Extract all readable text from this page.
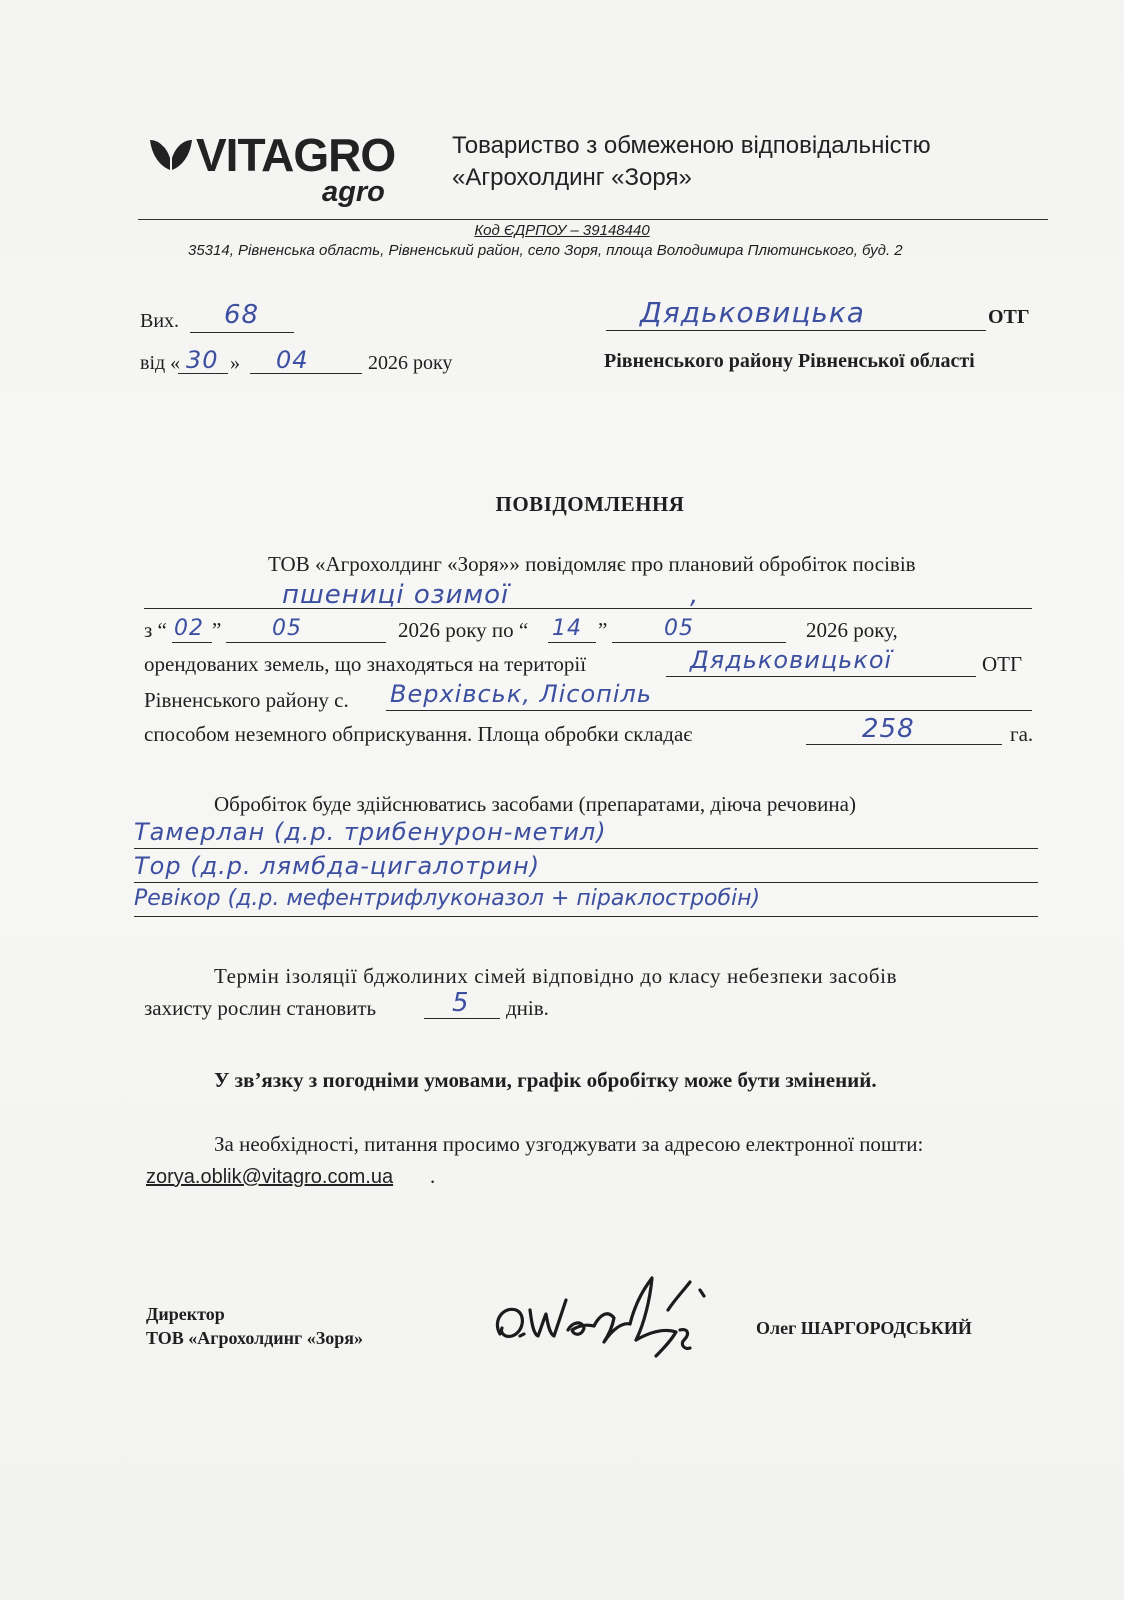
VITAGRO
agro
Товариство з обмеженою відповідальністю
«Агрохолдинг «Зоря»
Код ЄДРПОУ – 39148440
35314, Рівненська область, Рівненський район, село Зоря, площа Володимира Плютинського, буд. 2
Вих. 68
від « 30 » 04	2026 року
Дядьковицька	ОТГ
Рівненського району Рівненської області
ПОВІДОМЛЕННЯ
ТОВ «Агрохолдинг «Зоря»» повідомляє про плановий обробіток посівів
пшениці озимої	,
з “ 02 ” 05	2026 року по “ 14 ”	05	2026 року,
орендованих земель, що знаходяться на території	Дядьковицької	ОТГ
Рівненського району с. Верхівськ, Лісопіль
способом неземного обприскування. Площа обробки складає	258	га.
Обробіток буде здійснюватись засобами (препаратами, діюча речовина)
Тамерлан (д.р. трибенурон-метил)
Тор (д.р. лямбда-цигалотрин)
Ревікор (д.р. мефентрифлуконазол + піраклостробін)
Термін ізоляції бджолиних сімей відповідно до класу небезпеки засобів
захисту рослин становить	5 днів.
У зв’язку з погодніми умовами, графік обробітку може бути змінений.
За необхідності, питання просимо узгоджувати за адресою електронної пошти:
zorya.oblik@vitagro.com.ua .
Директор
ТОВ «Агрохолдинг «Зоря»	Олег ШАРГОРОДСЬКИЙ
